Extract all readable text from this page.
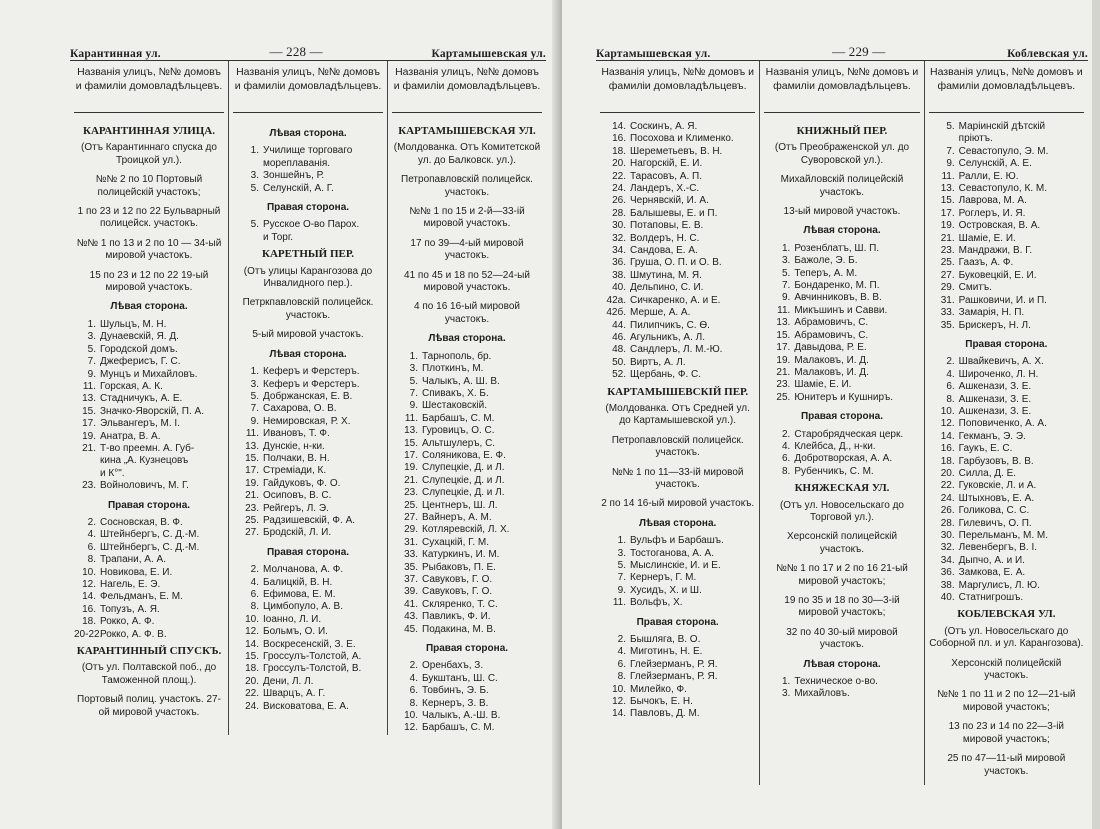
Карантинная ул.	— 228 —	Картамышевская ул.
Названія улицъ, №№ домовъ и фамиліи домовладѣльцевъ.
КАРАНТИННАЯ УЛИЦА.
(Отъ Карантиннаго спуска до Троицкой ул.).
№№ 2 по 10 Портовый полицейскій участокъ;
1 по 23 и 12 по 22 Бульварный полицейск. участокъ.
№№ 1 по 13 и 2 по 10 — 34-ый мировой участокъ.
15 по 23 и 12 по 22 19-ый мировой участокъ.
Лѣвая сторона.
1. Шульцъ, М. Н.
3. Дунаевскій, Я. Д.
5. Городской домъ.
7. Джеферисъ, Г. С.
9. Мунцъ и Михайловъ.
11. Горская, А. К.
13. Стадничукъ, А. Е.
15. Значко-Яворскій, П. А.
17. Эльвангеръ, М. І.
19. Анатра, В. А.
21. Т-во преемн. А. Губ-
кина „А. Кузнецовъ
и К°".
23. Войноловичъ, М. Г.
Правая сторона.
2. Сосновская, В. Ф.
4. Штейнбергъ, С. Д.-М.
6. Штейнбергъ, С. Д.-М.
8. Трапани, А. А.
10. Новикова, Е. И.
12. Нагель, Е. Э.
14. Фельдманъ, Е. М.
16. Топузъ, А. Я.
18. Рокко, А. Ф.
20-22.Рокко, А. Ф. В.
КАРАНТИННЫЙ СПУСКЪ.
(Отъ ул. Полтавской поб., до Таможенной площ.).
Портовый полиц. участокъ. 27-ой мировой участокъ.
Названія улицъ, №№ домовъ и фамиліи домовладѣльцевъ.
Лѣвая сторона.
1. Училище торговаго
мореплаванія.
3. Зоншейнъ, Р.
5. Селунскій, А. Г.
Правая сторона.
5. Русское О-во Парох.
и Торг.
КАРЕТНЫЙ ПЕР.
(Отъ улицы Карангозова до Инвалидного пер.).
Петркпавловскій полицейск. участокъ.
5-ый мировой участокъ.
Лѣвая сторона.
1. Кеферъ и Ферстеръ.
3. Кеферъ и Ферстеръ.
5. Добржанская, Е. В.
7. Сахарова, О. В.
9. Немировская, Р. Х.
11. Ивановъ, Т. Ф.
13. Дунскіе, н-ки.
15. Полчаки, В. Н.
17. Стреміади, К.
19. Гайдуковъ, Ф. О.
21. Осиповъ, В. С.
23. Рейгеръ, Л. Э.
25. Радзишевскій, Ф. А.
27. Бродскій, Л. И.
Правая сторона.
2. Молчанова, А. Ф.
4. Балицкій, В. Н.
6. Ефимова, Е. М.
8. Цимбопуло, А. В.
10. Іоанно, Л. И.
12. Больмъ, О. И.
14. Воскресенскій, З. Е.
15. Гроссулъ-Толстой, А.
18. Гроссулъ-Толстой, В.
20. Дени, Л. Л.
22. Шварцъ, А. Г.
24. Висковатова, Е. А.
Названія улицъ, №№ домовъ и фамиліи домовладѣльцевъ.
КАРТАМЫШЕВСКАЯ УЛ.
(Молдованка. Отъ Комитетской ул. до Балковск. ул.).
Петропавловскій полицейск. участокъ.
№№ 1 по 15 и 2-й—33-ій мировой участокъ.
17 по 39—4-ый мировой участокъ.
41 по 45 и 18 по 52—24-ый мировой участокъ.
4 по 16 16-ый мировой участокъ.
Лѣвая сторона.
1. Тарнополь, бр.
3. Плоткинъ, М.
5. Чалыкъ, А. Ш. В.
7. Спивакъ, Х. Б.
9. Шестаковскій.
11. Барбашъ, С. М.
13. Гуровицъ, О. С.
15. Альтшулеръ, С.
17. Соляникова, Е. Ф.
19. Слупецкіе, Д. и Л.
21. Слупецкіе, Д. и Л.
23. Слупецкіе, Д. и Л.
25. Центнеръ, Ш. Л.
27. Вайнеръ, А. М.
29. Котляревскій, Л. Х.
31. Сухацкій, Г. М.
33. Катуркинъ, И. М.
35. Рыбаковъ, П. Е.
37. Савуковъ, Г. О.
39. Савуковъ, Г. О.
41. Скляренко, Т. С.
43. Павликъ, Ф. И.
45. Подакина, М. В.
Правая сторона.
2. Оренбахъ, З.
4. Букштанъ, Ш. С.
6. Товбинъ, Э. Б.
8. Кернеръ, З. В.
10. Чалыкъ, А.-Ш. В.
12. Барбашъ, С. М.
Картамышевская ул.	— 229 —	Коблевская ул.
Названія улицъ, №№ домовъ и фамиліи домовладѣльцевъ.
14. Соскинъ, А. Я.
16. Посохова и Клименко.
18. Шереметьевъ, В. Н.
20. Нагорскій, Е. И.
22. Тарасовъ, А. П.
24. Ландеръ, Х.-С.
26. Чернявскій, И. А.
28. Балышевы, Е. и П.
30. Потаповы, Е. В.
32. Волдеръ, Н. С.
34. Сандова, Е. А.
36. Груша, О. П. и О. В.
38. Шмутина, М. Я.
40. Дельпино, С. И.
42а. Сичкаренко, А. и Е.
42б. Мерше, А. А.
44. Пилипчикъ, С. Ѳ.
46. Агульникъ, А. Л.
48. Сандлеръ, Л. М.-Ю.
50. Виртъ, А. Л.
52. Щербань, Ф. С.
КАРТАМЫШЕВСКІЙ ПЕР.
(Молдованка. Отъ Средней ул. до Картамышевской ул.).
Петропавловскій полицейск. участокъ.
№№ 1 по 11—33-ій мировой участокъ.
2 по 14 16-ый мировой участокъ.
Лѣвая сторона.
1. Вульфъ и Барбашъ.
3. Тостоганова, А. А.
5. Мыслинскіе, И. и Е.
7. Кернеръ, Г. М.
9. Хусидъ, Х. и Ш.
11. Вольфъ, Х.
Правая сторона.
2. Бышляга, В. О.
4. Миготинъ, Н. Е.
6. Глейзерманъ, Р. Я.
8. Глейзерманъ, Р. Я.
10. Милейко, Ф.
12. Бычокъ, Е. Н.
14. Павловъ, Д. М.
Названія улицъ, №№ домовъ и фамиліи домовладѣльцевъ.
КНИЖНЫЙ ПЕР.
(Отъ Преображенской ул. до Суворовской ул.).
Михайловскій полицейскій участокъ.
13-ый мировой участокъ.
Лѣвая сторона.
1. Розенблатъ, Ш. П.
3. Бажоле, Э. Б.
5. Теперъ, А. М.
7. Бондаренко, М. П.
9. Авчинниковъ, В. В.
11. Микъшинъ и Савви.
13. Абрамовичъ, С.
15. Абрамовичъ, С.
17. Давыдова, Р. Е.
19. Малаковъ, И. Д.
21. Малаковъ, И. Д.
23. Шамiе, Е. И.
25. Юнитеръ и Кушниръ.
Правая сторона.
2. Старобрядческая церк.
4. Клейбса, Д., н-ки.
6. Добротворская, А. А.
8. Рубенчикъ, С. М.
КНЯЖЕСКАЯ УЛ.
(Отъ ул. Новосельскаго до Торговой ул.).
Херсонскій полицейскій участокъ.
№№ 1 по 17 и 2 по 16 21-ый мировой участокъ;
19 по 35 и 18 по 30—3-ій мировой участокъ;
32 по 40 30-ый мировой участокъ.
Лѣвая сторона.
1. Техническое о-во.
3. Михайловъ.
Названія улицъ, №№ домовъ и фамиліи домовладѣльцевъ.
5. Маріинскій дѣтскій
пріютъ.
7. Севастопуло, Э. М.
9. Селунскій, А. Е.
11. Ралли, Е. Ю.
13. Севастопуло, К. М.
15. Лаврова, М. А.
17. Роглеръ, И. Я.
19. Островская, В. А.
21. Шамiе, Е. И.
23. Мандражи, В. Г.
25. Гаазъ, А. Ф.
27. Буковецкій, Е. И.
29. Смитъ.
31. Рашковичи, И. и П.
33. Замарія, Н. П.
35. Брискеръ, Н. Л.
Правая сторона.
2. Швайкевичъ, А. Х.
4. Широченко, Л. Н.
6. Ашкенази, З. Е.
8. Ашкенази, З. Е.
10. Ашкенази, З. Е.
12. Поповиченко, А. А.
14. Гекманъ, Э. Э.
16. Гаукъ, Е. С.
18. Гарбузовъ, В. В.
20. Силла, Д. Е.
22. Гуковскіе, Л. и А.
24. Штыхновъ, Е. А.
26. Голикова, С. С.
28. Гилевичъ, О. П.
30. Перельманъ, М. М.
32. Левенбергъ, В. І.
34. Дыпчо, А. и И.
36. Замкова, Е. А.
38. Маргулисъ, Л. Ю.
40. Статнигрошъ.
КОБЛЕВСКАЯ УЛ.
(Отъ ул. Новосельскаго до Соборной пл. и ул. Карангозова).
Херсонскій полицейскій участокъ.
№№ 1 по 11 и 2 по 12—21-ый мировой участокъ;
13 по 23 и 14 по 22—3-ій мировой участокъ;
25 по 47—11-ый мировой участокъ.
